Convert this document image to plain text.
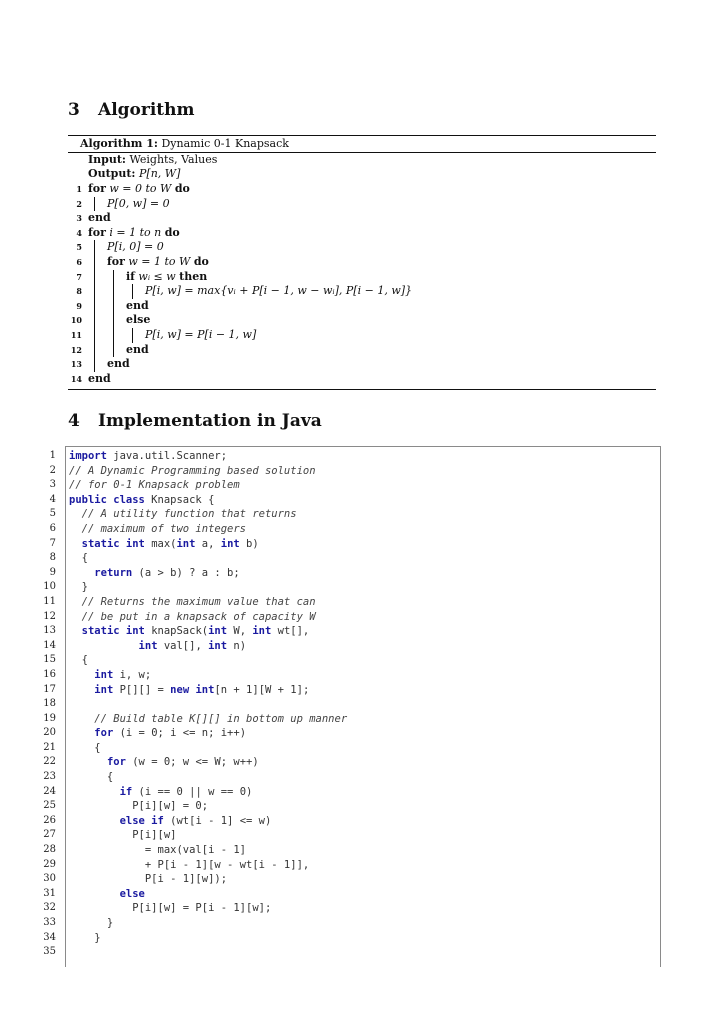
3 Algorithm
Algorithm 1: Dynamic 0-1 Knapsack
Input: Weights, Values
Output: P[n, W]
1 for w = 0 to W do
2 P[0, w] = 0
3 end
4 for i = 1 to n do
5 P[i, 0] = 0
6 for w = 1 to W do
7	if wᵢ ≤ w then
8	P[i, w] = max{vᵢ + P[i − 1, w − wᵢ], P[i − 1, w]}
9	end
10	else
11	P[i, w] = P[i − 1, w]
12	end
13 end
14 end
4 Implementation in Java
1
2
3
4
5
6
7
8
9
10
11
12
13
14
15
16
17
18
19
20
21
22
23
24
25
26
27
28
29
30
31
32
33
34
35
import java.util.Scanner;
// A Dynamic Programming based solution
// for 0-1 Knapsack problem
public class Knapsack {
// A utility function that returns
// maximum of two integers
static int max(int a, int b)
{
return (a > b) ? a : b;
}
// Returns the maximum value that can
// be put in a knapsack of capacity W
static int knapSack(int W, int wt[],
int val[], int n)
{
int i, w;
int P[][] = new int[n + 1][W + 1];

// Build table K[][] in bottom up manner
for (i = 0; i <= n; i++)
{
for (w = 0; w <= W; w++)
{
if (i == 0 || w == 0)
P[i][w] = 0;
else if (wt[i - 1] <= w)
P[i][w]
= max(val[i - 1]
+ P[i - 1][w - wt[i - 1]],
P[i - 1][w]);
else
P[i][w] = P[i - 1][w];
}
}
